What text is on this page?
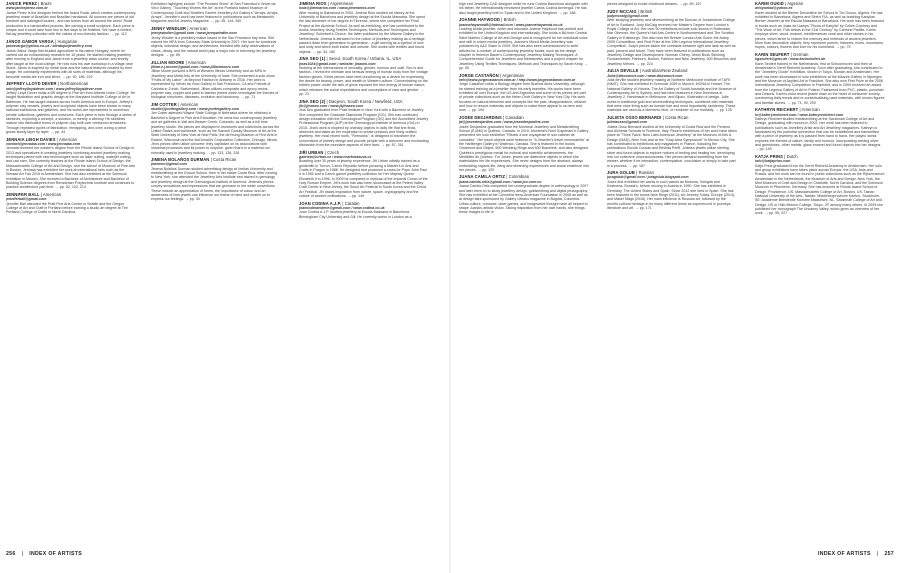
JANICE PEREZ | Brazil
www.janiceperez.com.br
Janice Perez is the designer behind the brand Rudá, which creates contemporary jewellery made of Brazilian and Brazilian hardwood. All sources are pieces of old furniture and salvaged houses - and use bones from all around the world. Rudá production is a handcrafted process, like carving a small sculpture. Each piece is unique and it could take from two to five days to be finished. We have a limited, flat-lay jewellery collection with the values of eco-friendly fashion. → pp. 112
JÁNOS GÁBOR VARGA | Hungarian
janosvarga@yahoo.co.uk / blindspotjewellery.com
János Gábor Varga first studied agriculture in his native Hungary, where he carried out an extraordinary research for 15 years. He started making jewellery after moving to England and Jacob from a jewellery class course, and shortly after taught at the local college. He now runs his own workshop in a village near Stone. János is inspired by metal tools and the natural features created by their usage. He constantly experiments with all sorts of materials, although his favourite media are iron and silver. → pp. 30, 186, 229
JEFFREY LLOYD DEVER | Northamerican
info@jeffreylloyddever.com / www.jeffreylloyddever.com
Jeffrey Lloyd Dever holds a BS degree in Fine Art from Alberta Union College. He taught illustration and graphic design at the Maryland Institute College of Art in Baltimore. He has taught classes across North America and in Europe. Jeffrey's polymer clay vessels, jewelry and sculptural objects have been shown in many national institutions and galleries, and his works are represented in numerous private collections, galleries and museums. Each piece is born through a series of sketches, exploring a concept, a solution, or merely a whimsy. He sketches mature into fabricated forms of polymer clay built over reinforced armatures. Through repeated cycles of fabrication, remapping, and oven curing a piece grows slowly layer by layer. → pp. 44
JENNAIA LEIGH DAVIES | American
contact@jennaiaa.com / www.jennaiaa.com
Jennaia received her master's degree from the Rhode Island School of Design in 2013 and specializes in creating jewellery combining ancient jewellery-making techniques paired with new technologies such as laser cutting, waterjet cutting, and cad cam. She currently teaches at the Rhode Island School of Design, the Massachusetts College of Art and Design, and the school of Museum of Fine Arts in Boston. Jennaia has exhibited her work at international fairs such as the Sieraad Art Fair 2015 in Amsterdam. She has also exhibited at the Schmuck exhibition in Munich. She received a Bachelor of Architecture and Bachelor of Building Science degrees from Rensselaer Polytechnic Institute and continues to practice architecture part time. → pp. 52, 102, 214
JENNIFER BALL | American
jenniferball@gmail.com
Jennifer Ball attended the Pratt Fine Arts Center in Seattle and the Oregon College of Art and Craft in Portland before earning a studio art degree at The Portland College of Crafts in North Carolina.
Exhibition highlights include "The Pendant Show" at San Francisco's Velvet da Vinci Gallery, "Touching Worms the Art" at the Portland based Museum of Contemporary Craft and Seattle's Facèré Jewellery Art Gallery's "Arrays, Arrays, Arrays". Jennifer's work has been featured in publications such as Metalsmith Magazine and Art Jewelry Magazine. → pp. 55, 144, 260
JENNY WINDLER | American
jennywindler@gmail.com / www.jennywindler.com
Jenny Windler is a jewellery maker based in the San Francisco bay area. She earned her MFA from Colorado State University in 2007. Her love for functional objects, industrial design, and architecture, blended with daily observations of chaos, decay, and the natural world play a major role in informing her jewellery designs. → pp. 89
JILLIAN MOORE | American
jillian.e.j.moore@gmail.com / www.jillianmoore.com
Jillian Moore pursued a BFA at Western Illinois University and an MFA in Jewellery and Metal Arts at the University of Iowa. She presented a solo show, "Fruits of My Labor", at Beyond Fashion in Antwerp in 2016. Her work is represented by Velvet da Vinci Gallery in San Francisco, CA and Friends of Carlotta in Zurich, Switzerland. Jillian utilizes composite and epoxy resins, polymer clay, copper and paint to fashion jewels which investigate the themes of biological structures, diseases, evolution and taxonomy. → pp. 71
JIM COTTER | American
studio@jcottergallery.com / www.jcottergallery.com
Jim Cotter attended Wayne State College in Nebraska where he obtained a Bachelor's Degree in Fine Arts Education. He owns two contemporary jewellery and art galleries in Vail and Beaver Creek, Colorado, as well as a full time jewellery studio. His pieces are displayed in museums and collections across the United States and worldwide, such as the Samuel Dorsky Museum of Art at the State University of New York at New Paltz, the deYoung Museum of Fine Arts in Racine, Wisconsin and the McDonald's Corporation Collection, Chicago, Illinois. Jim's pieces often utilize concrete: they capitalize on its associations with industrial processes and its power to surprise, given that it is a material not normally used in jewellery making. → pp. 133, 138, 228
JIMENA BOLAÑOS DURMAN | Costa Rican
jimeinco@gmail.com
Jimena Bolaños Durman studied advertising design at Veritas University and metalsmithing at the Drouot School, then in her native Costa Rica. After moving to New York, she attended the Jewellery Arts Institute and trained in gemology and jewellery design at the Gemological Institute of America. Jimena's pieces convey sensations and impressions that are germane to her wider convictions. These include an appreciation of forms, the importance of colour and an awareness of how jewels can influence our frame of mind and enable us to express our feelings. → pp. 40
JIMENA RIOS | Argentinean
hola@jimenarios.com / www.jimenarios.com
After moving to Barcelona in 2000, Jimena Ríos studied art history at the University of Barcelona and jewellery design at the Escola Massana. She spent the last semester of her degree in Florence, where she completed her Final Project at the Alchimia School. As well as exhibiting, she has contributed to the books Jewellery Using Textiles Techniques; Methods and Techniques and Jewellery; Schiebert's Choice, the latter published by the Marzee Gallery in the Netherlands. Jimena is attracted to the notion of jewellery making as a heritage passed down from generation to generation - a gift serving as a symbol of love and unity and which both inside and outside. She works with textiles and found objects. → pp. 34, 180
JINA SEO (1) | Seoul, South Korea / Urbana, IL, USA
jinas1024@gmail.com / website: jinaseo.com
Working at the intersections of sexuality, gender, humour and craft, Seo is and fashion, I reveal the intimate and sensual energy of human body from the vintage fashion gloves. Glove pieces have been functioning as a device for expressing the desire for beauty, power, and wealth in Western culture. Concentrating on the hidden power under the skin of glove exposes the true energy of human nature, which releases the social expectations and conceptions of race and gender. → pp. 23
JINA SEO (2) | Daejeon, South Korea / Newfield, USA
jik@jinaseo.com / www.jkjinaseo.com
Jina Seo graduated from Pratt Institute in New York with a Bachelor of Jewelry. She completed the Graduate Diamonds Program (GG). She has continued design education with the Gemological Program (GG) and the Accredited Jewelry Professional Program (AJP) at the Gemological Institute of America (GIA) in 2015. Jina's work is inspired by ordinary objects in daily life that she finds, observes and takes as her inspiration to create precious and finely crafted jewellery. Her most recent work, "Fireworks", is designed to transform the conventions of jewelry design and provide people with a welcome and enchanting distraction from the mundane aspects of their lives. → pp. 87, 261
JIŘÍ URBAN | Czech
gabriela@urban.cz / www.chartokasuva.cz
Boasting over 30 years of jewelry experience, Jiří Urban initially trained as a goldsmith in Turnov, Czech Republic before pursuing a Master's in Arts and Crafts in Prague in 1986. He designed and produced a cross for Pope John Paul II in 1990 and a Czech garnet jewellery collection for Her Majesty Queen Elizabeth II in 1996. In 2009 he competed in replicas of the Imperial Crown of the Holy Roman Empire. Jiří's work has also been showcased at the Peters Valley Craft Center in New Jersey, the Seoul Art Festival in South Korea and the China Art Festival. Jiří draws inspiration from nature, space, cryptography and the culture of ancient civilisations. → pp. 149
JOAN CODINA A.J.P. | Catalan
joancodinaesteve@gmail.com / www.codina.co.uk
Joan Codina A.J.P. studied jewellery at Escola Massana in Barcelona, Birmingham City University and Gili. He currently works in London as a
high end Jewellery CAD designer while he runs Codina Barcelona alongside with his father. He internationally renowned jeweller Carlos Codina Armengol. He has also taught jewellery both in Spain and in the United Kingdom. → pp. 186
JOANNE HAYWOOD | British
joannehaywood9@hotmail.com / www.joannehaywood.co.uk
Leading studio jeweller, writer and educator Joanne Haywood has worked and exhibited in the United Kingdom and internationally. She holds a BA from Central Saint Martins College of Art and Design and is recognized for her individual voice and skill in mixed media jewellery. Joanne's Mixed Media Jewellery was published by A&C Black in 2009. She has also been commissioned to write articles for a number of contemporary jewellery books, such as the design chapter in Heinrich Bauer's Contemporary Jewellery Making Techniques: A Comprehensive Guide for Jewellers and Metalsmiths and a project chapter for Jewellery Using Textiles Techniques, Methods and Techniques by Sarah Keay. → pp. 55
JORGE CASTAÑÓN | Argentinian
info@www.jorgecastanon.com.ar / http://www.jorgecastanon.com.ar
Jorge Castañón holds a Biology degree from Buenos Aires University, although he started training as a jeweller from his early twenties. His works have been exhibited all over Europe, the US and Argentina and some of his pieces are part of private collections such as the Helen Drutt Gallery in New York City. His work focuses on natural elements and concepts like the past, disappearance, oblivion and how to rescue materials and objects to make them appeal to us here and now. → pp. 194
JOSÉE DESJARDINS | Canadian
jd@joseedesjardins.com / www.joseedesjardins.com
Josée Desjardins graduated from the Montreal Jewellery and Metalsmithing School (ÉJAM) in Québec, Canada. In 2010, Montreal's Noel Guyomarc'h Gallery presented her solo exhibition "Rituels d'une voyageuse et son cabinet de curiosités". Her travel objects were featured in "A Jeweller's travel memorabilia" at the Hartberger Gallery in Waterloo, Canada. She is featured in the books Ornament and Object, 500 Wedding Rings and 500 Bracelets, and also designed Québec's prestigious medal for cultural and scientific achievements, the Médailles du Québec. For Josée, jewels are distinctive objects in which she materializes her life experiences. She never designs from the abstract, always embedding organic life, living and dreaming experiences and social existence into her pieces. → pp. 120
JUANA CAMILA ORTIZ | Colombian
juana.camila.ortiz@gmail.com / www.jco.com.co
Juana Camila Ortiz completed her undergraduate degree in anthropology in 2007 and later went on to study jewellery design, goldsmithing and digital photography. She has exhibited at the Colombia Ibero-American Foundation in 2008 as well as at design fairs sponsored by Gallery Urbano magazine in Bogotá, Colombia. Urban culture, romance, older games, and imaginative thought have all helped to shape Juana's artistic vision. Taking inspiration from her own hands, she brings these images to life in
pieces designed to evoke childhood dreams. → pp. 89, 167
JUDY MCCAIG | British
judymccaig@gmail.com
After studying jewellery and silversmithing at the Duncan of Jordanstone College of Art in Scotland, Judy McCaig received her Master's Degree from London's Royal College of Art. Her over 50 exhibitions include solo shows in Rotterdam, Mar Oberroni, the Queen's Hall Arts Centre in Northumberland and The Scottish Gallery in Edinburgh. She also won the Brewer London Arts Grant, the Autep 2005 Competition, and First Prize at the 19th Legnica International Jewellery Competition. Judy's pieces tackle the contrasts between light and dark as well as past, present and future. They have been featured in publications such as Jewellery Design and Development: Norman Cherry, Jewel Book Stitching Fundamentals: Fishburn, Boston, Fashion and New Jewellery, 500 Brooches and Jewellery Mirrors. → pp. 224
JULIA DEVILLE | Australian/New Zealand
Julia@discomort.com / www.discomort.com
Julia deVille studied jewellery making at Northern Melbourne Institute of TAFE (NMIT). She has exhibited in Schmuck 2009 in Munich, MONA in Hobart, The National Gallery of Victoria, The Art Gallery of South Australia and the Museum of Contemporary Art in Sydney, and has been featured in New Directions in Jewellery 2, Handmade in Melbourne, and Bijoux, Illustration of design. Julia works in traditional gold and silversmithing techniques, combined with materials that were once living such as human hair and most importantly, taxidermy. These materials are used as a Memento Mori, or reminder of our mortality. → pp. 125
JULIETA OSSO BERNARDI | Costa Rican
julietaosso@gmail.com
Julieta Osso Bernardi studied at the University of Costa Rica and the Penlecs and Alchimia Schools in Florence, Italy. Recent exhibitions of her work have taken place at "Think Twice: New Latin American Jewellery" at the Museum of Arts & Design (MAD), New York and at the "Gray Area Symposium" in Mexico City. She has contributed to exhibitions and magazines in France, including the publications Escola Cousas and Revista Perfil. Julieta's jewels utilize sterling silver and found objects to explore notions of testing and healing her, developing into our collective unconsciousness. Her pieces demand something from the wearer, whether it be interaction, contemplation, conclusion or simply to take part in a process. → pp. 167
JURA GOLUB | Russian
juragolub@gmail.com / juragolub.blogspot.com
Jura's first exhibited her works in such places as Moscow, Vologda and Kostroma, Russia's, before moving to Austria in 1990. She has exhibited in Germany, The United States and Spain. Since 2012 she lives in Spain. She has been featured in the books New Rings (2011), Art Jewelry Today: Europe (2014), and Maker Mags (2016). Her main influence is Russian art, followed by the world's cultural heritage in its many different forms as experienced in journeys, literature and art. → pp. 171
KARIM OUKID | Algerian
artoyunkid@yahoo.es
Karim studied at the Berber Decorative Art School in Tizi Ouzou, Algeria. He has exhibited in Barcelona, Algeria and Sète's FIA, as well as teaching Kabylian Berber Jeweller at the Escola Massana in Barcelona. His work has been featured in books such as Joaia de Llamps "Fluxia of Kabylia" by Celles Courtesy and "The Work of Art, Folk Artists in the 21st Century" by Carmelo Padilla. Karim employs silver, wood, enamel, mediterranean coral and other stones in his pieces, which strive to restore the memory and methods of ancient jewellers. More than decorative objects, they represent poems, histories, rivers, mountains, hopes, colours, flowers and love for his homeland. → pp. 75
KARIN SEUFERT | German
kgseufert@gmx.de / www.karinseufert.de
Karin Seufert trained in the Netherlands, first at Schoonhoven and then at Amsterdam's Gerrit Rietveld Academy. Soon after graduating, she contributed to the "Jewellery Guide" exhibition, shown in Tokyo, Munich and Amsterdam. Her work has been showcased in solo exhibitions at the Marzee Gallery in Nijmegen and the Museum of Applied Art in Frankfurt. She also won First Prize at the 2006 International Jewellery Competition in Frankfurt, and in 2009 received an award from the Legnica Gallery of Art in Poland. Fashioned from PVC, plastic, porcelain and Desuris, Karin's most recent jewels draw on the heart of consumer society, overturning daily trends and re-contextualising used materials, with known figures and familiar stories. → pp. 71, 90, 209
KATHRYN REICHERT | American
kr@kathrynreichert.com / www.kathrynreichert.com
Kathryn Reichert studied metalsmithing at the Savannah College of Art and Design, graduating with honors in 2002. Her work has been featured in publications such as Jewellery Artist and Art Jewellery magazines. Kathryn is fascinated by the potential connection that can be established and transmitted with a piece of jewellery as it is passed from hand to hand. Her playful works explores the themes of nature, family and humour, incorporating sterling silver and gemstones, other metals, glass enamel and found objects into her designs. → pp. 149
KATJA PRINS | Dutch
info@katjaprins.com
Katja Prins graduated from the Gerrit Rietveld Academy in Amsterdam. Her solo and group exhibitions have taken place across Europe, the USA, Asia and Russia, and her work can be found in public collections such as the Rijksmuseum Amsterdam in the Netherlands, the Museum of Arts and Design, New York, the Mint Museum of Craft and Design in Charlotte, North Carolina, and the Schmuck Museum in Pforzheim, Germany. She has lectured at Rhode Island School of Design, Providence, US, Massachusetts College of Art, Boston, US, Tainan National University of the Arts, Taiwan; Middlesexprovincie Kantoo, Stockholm, SE; Academie Beeldende Kunsten Maastricht, NL, Savannah College of Art and Design, US or Hiko Mizuno College, Tokyo, JP, among many others. In 2009 she published her monograph The Uncanny Valley, which gives an overview of her work. → pp. 55, 227
256 | INDEX OF ARTISTS	INDEX OF ARTISTS | 257
